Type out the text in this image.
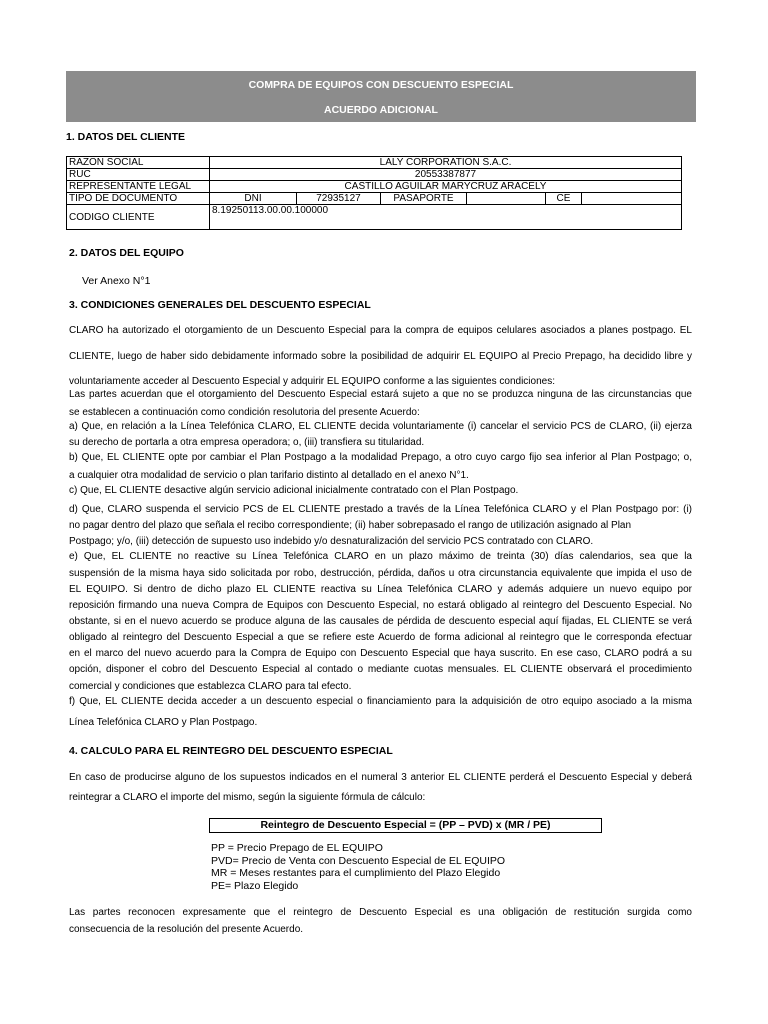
COMPRA DE EQUIPOS CON DESCUENTO ESPECIAL
ACUERDO ADICIONAL
1. DATOS DEL CLIENTE
RAZON SOCIAL	LALY CORPORATION S.A.C.					
RUC	20553387877					
REPRESENTANTE LEGAL	CASTILLO AGUILAR MARYCRUZ ARACELY					
TIPO DE DOCUMENTO	DNI	72935127	PASAPORTE		CE	
CODIGO CLIENTE	8.19250113.00.00.100000					
2. DATOS DEL EQUIPO
Ver Anexo N°1
3. CONDICIONES GENERALES DEL DESCUENTO ESPECIAL
CLARO ha autorizado el otorgamiento de un Descuento Especial para la compra de equipos celulares asociados a planes postpago. EL
CLIENTE, luego de haber sido debidamente informado sobre la posibilidad de adquirir EL EQUIPO al Precio Prepago, ha decidido libre y
voluntariamente acceder al Descuento Especial y adquirir EL EQUIPO conforme a las siguientes condiciones:
Las partes acuerdan que el otorgamiento del Descuento Especial estará sujeto a que no se produzca ninguna de las circunstancias que
se establecen a continuación como condición resolutoria del presente Acuerdo:
a) Que, en relación a la Línea Telefónica CLARO, EL CLIENTE decida voluntariamente (i) cancelar el servicio PCS de CLARO, (ii) ejerza
su derecho de portarla a otra empresa operadora; o, (iii) transfiera su titularidad.
b) Que, EL CLIENTE opte por cambiar el Plan Postpago a la modalidad Prepago, a otro cuyo cargo fijo sea inferior al Plan Postpago; o,
a cualquier otra modalidad de servicio o plan tarifario distinto al detallado en el anexo N°1.
c) Que, EL CLIENTE desactive algún servicio adicional inicialmente contratado con el Plan Postpago.
d) Que, CLARO suspenda el servicio PCS de EL CLIENTE prestado a través de la Línea Telefónica CLARO y el Plan Postpago por: (i)
no pagar dentro del plazo que señala el recibo correspondiente; (ii) haber sobrepasado el rango de utilización asignado al Plan
Postpago; y/o, (iii) detección de supuesto uso indebido y/o desnaturalización del servicio PCS contratado con CLARO.
e) Que, EL CLIENTE no reactive su Línea Telefónica CLARO en un plazo máximo de treinta (30) días calendarios, sea que la
suspensión de la misma haya sido solicitada por robo, destrucción, pérdida, daños u otra circunstancia equivalente que impida el uso de
EL EQUIPO. Si dentro de dicho plazo EL CLIENTE reactiva su Línea Telefónica CLARO y además adquiere un nuevo equipo por
reposición firmando una nueva Compra de Equipos con Descuento Especial, no estará obligado al reintegro del Descuento Especial. No
obstante, si en el nuevo acuerdo se produce alguna de las causales de pérdida de descuento especial aquí fijadas, EL CLIENTE se verá
obligado al reintegro del Descuento Especial a que se refiere este Acuerdo de forma adicional al reintegro que le corresponda efectuar
en el marco del nuevo acuerdo para la Compra de Equipo con Descuento Especial que haya suscrito. En ese caso, CLARO podrá a su
opción, disponer el cobro del Descuento Especial al contado o mediante cuotas mensuales. EL CLIENTE observará el procedimiento
comercial y condiciones que establezca CLARO para tal efecto.
f) Que, EL CLIENTE decida acceder a un descuento especial o financiamiento para la adquisición de otro equipo asociado a la misma
Línea Telefónica CLARO y Plan Postpago.
4. CALCULO PARA EL REINTEGRO DEL DESCUENTO ESPECIAL
En caso de producirse alguno de los supuestos indicados en el numeral 3 anterior EL CLIENTE perderá el Descuento Especial y deberá
reintegrar a CLARO el importe del mismo, según la siguiente fórmula de cálculo:
Reintegro de Descuento Especial = (PP – PVD) x (MR / PE)
PP = Precio Prepago de EL EQUIPO
PVD= Precio de Venta con Descuento Especial de EL EQUIPO
MR = Meses restantes para el cumplimiento del Plazo Elegido
PE= Plazo Elegido
Las partes reconocen expresamente que el reintegro de Descuento Especial es una obligación de restitución surgida como
consecuencia de la resolución del presente Acuerdo.
